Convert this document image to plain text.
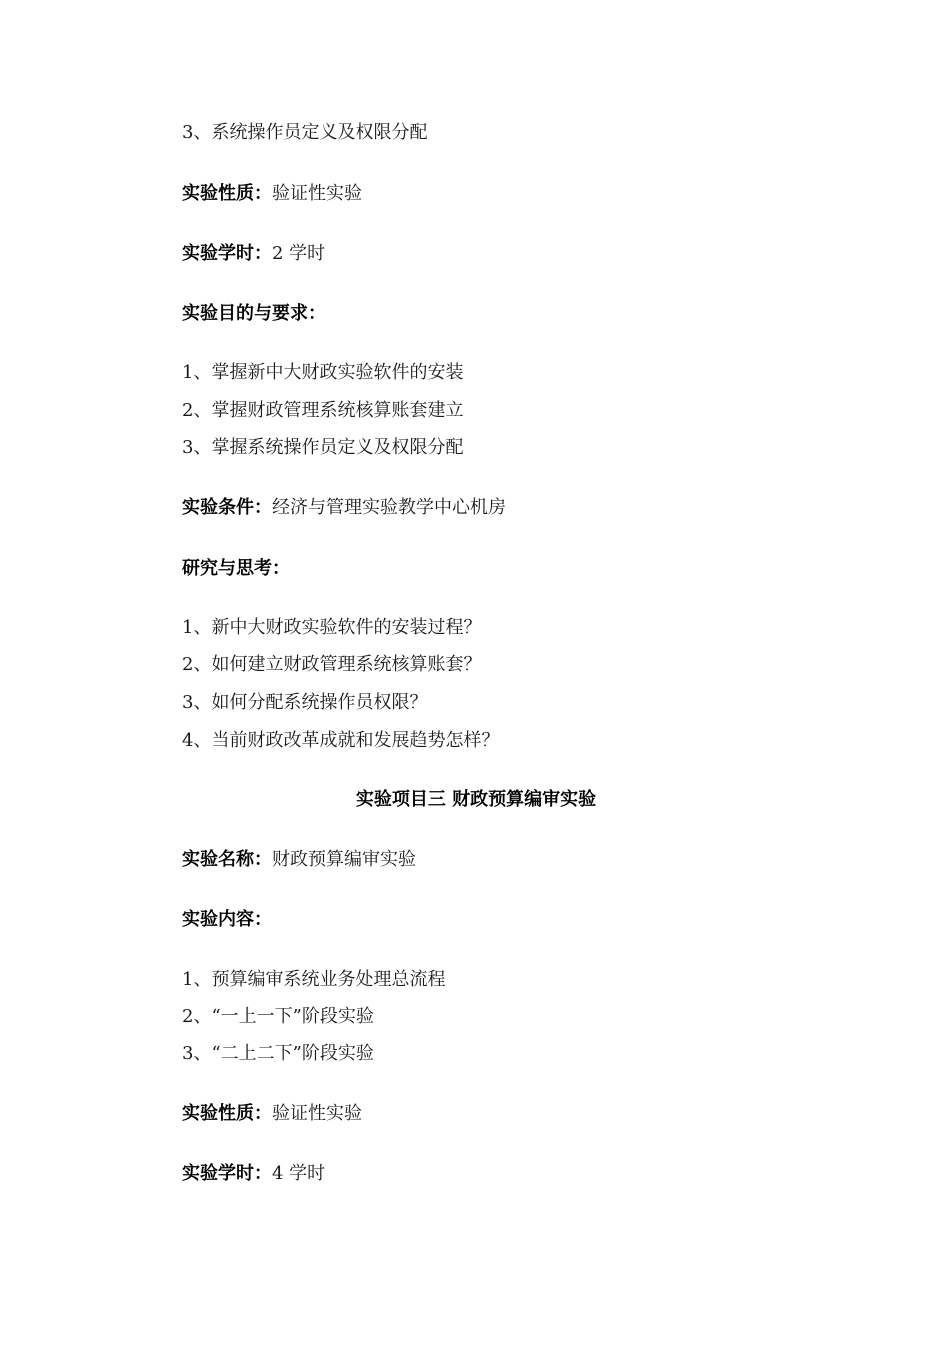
3、系统操作员定义及权限分配
实验性质：验证性实验
实验学时：2 学时
实验目的与要求：
1、掌握新中大财政实验软件的安装
2、掌握财政管理系统核算账套建立
3、掌握系统操作员定义及权限分配
实验条件：经济与管理实验教学中心机房
研究与思考：
1、新中大财政实验软件的安装过程？
2、如何建立财政管理系统核算账套？
3、如何分配系统操作员权限？
4、当前财政改革成就和发展趋势怎样？
实验项目三 财政预算编审实验
实验名称：财政预算编审实验
实验内容：
1、预算编审系统业务处理总流程
2、“一上一下”阶段实验
3、“二上二下”阶段实验
实验性质：验证性实验
实验学时：4 学时
